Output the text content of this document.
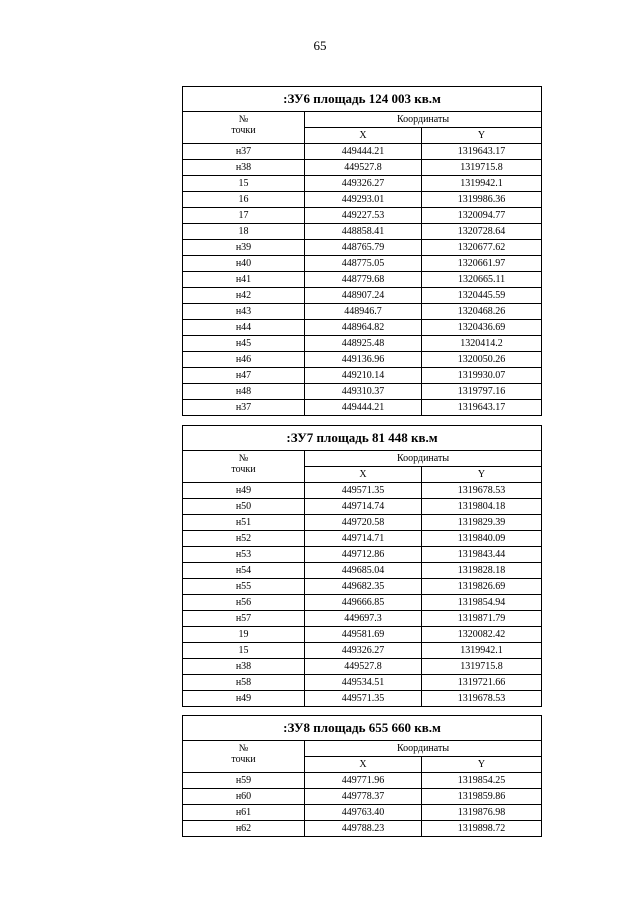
65
:ЗУ6 площадь 124 003 кв.м		
№
точки	Координаты	
	X	Y
н37	449444.21	1319643.17
н38	449527.8	1319715.8
15	449326.27	1319942.1
16	449293.01	1319986.36
17	449227.53	1320094.77
18	448858.41	1320728.64
н39	448765.79	1320677.62
н40	448775.05	1320661.97
н41	448779.68	1320665.11
н42	448907.24	1320445.59
н43	448946.7	1320468.26
н44	448964.82	1320436.69
н45	448925.48	1320414.2
н46	449136.96	1320050.26
н47	449210.14	1319930.07
н48	449310.37	1319797.16
н37	449444.21	1319643.17
:ЗУ7 площадь 81 448 кв.м		
№
точки	Координаты	
	X	Y
н49	449571.35	1319678.53
н50	449714.74	1319804.18
н51	449720.58	1319829.39
н52	449714.71	1319840.09
н53	449712.86	1319843.44
н54	449685.04	1319828.18
н55	449682.35	1319826.69
н56	449666.85	1319854.94
н57	449697.3	1319871.79
19	449581.69	1320082.42
15	449326.27	1319942.1
н38	449527.8	1319715.8
н58	449534.51	1319721.66
н49	449571.35	1319678.53
:ЗУ8 площадь 655 660 кв.м		
№
точки	Координаты	
	X	Y
н59	449771.96	1319854.25
н60	449778.37	1319859.86
н61	449763.40	1319876.98
н62	449788.23	1319898.72
